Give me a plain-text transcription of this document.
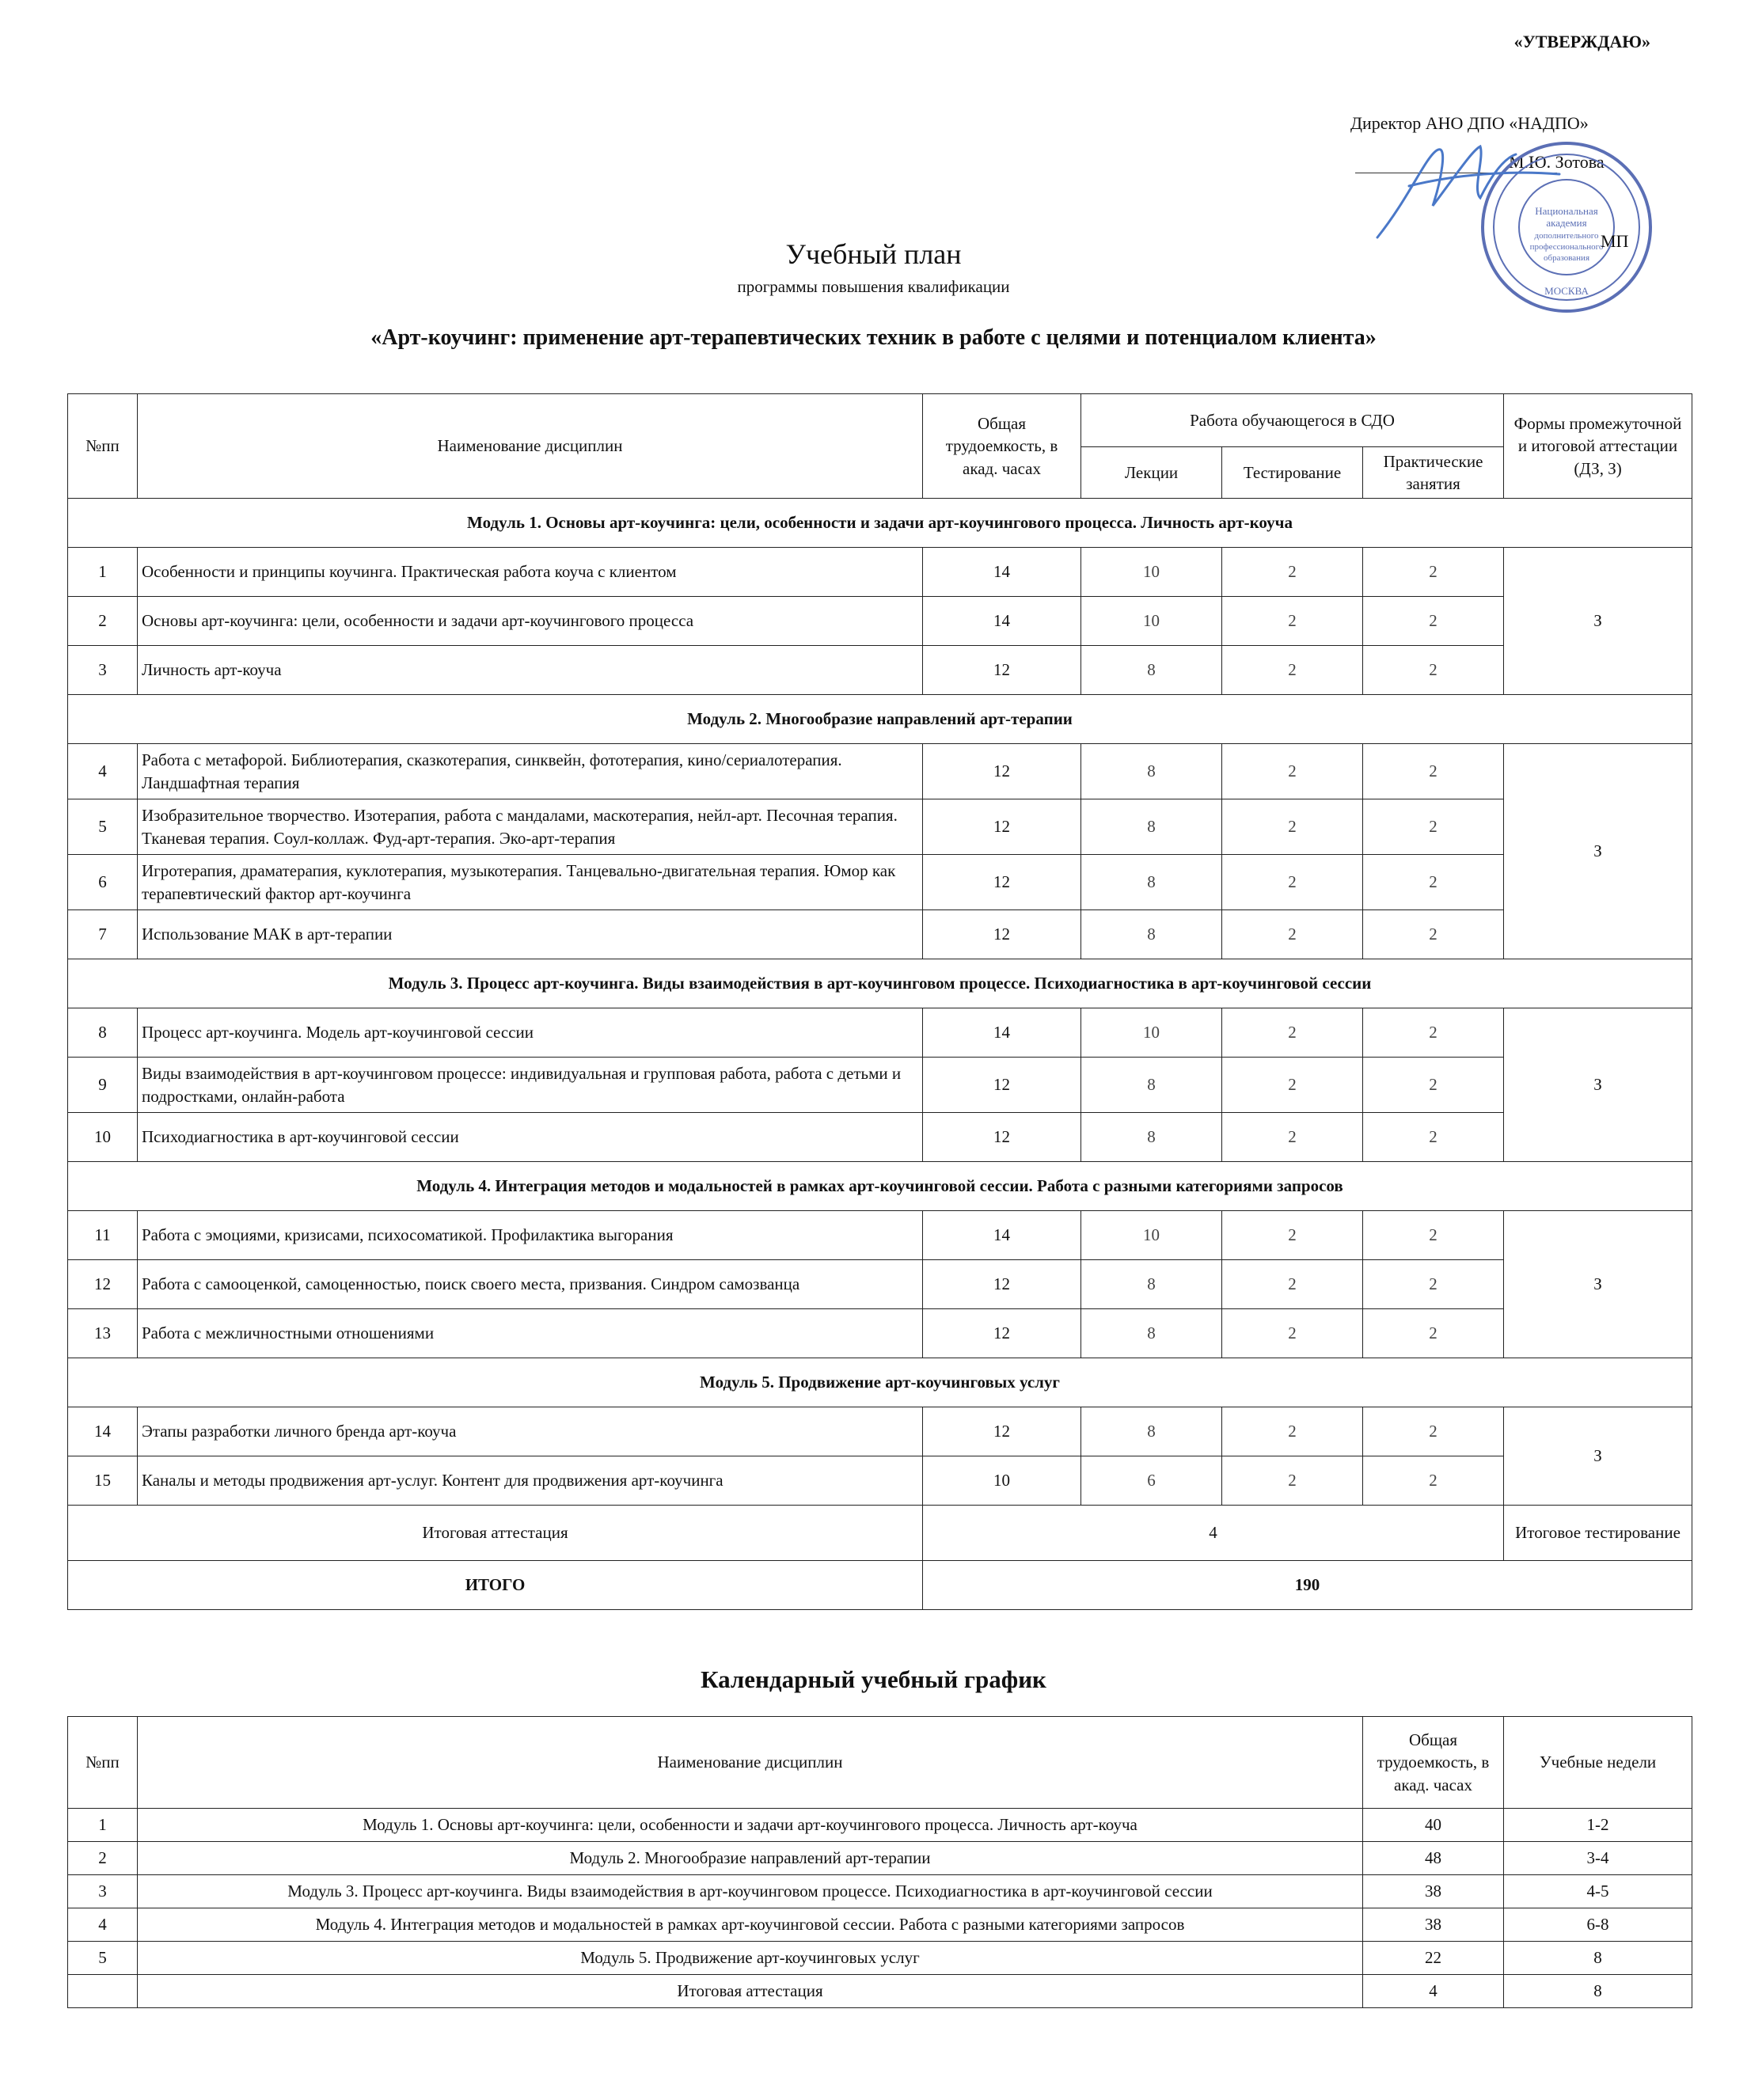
«УТВЕРЖДАЮ»
Директор АНО ДПО «НАДПО»
М.Ю. Зотова
Национальная
академия
дополнительного
профессионального
образования
МОСКВА
МП
Учебный план
программы повышения квалификации
«Арт-коучинг: применение арт-терапевтических техник в работе с целями и потенциалом клиента»
№пп	Наименование дисциплин	Общая трудоемкость, в акад. часах	Работа обучающегося в СДО			Формы промежуточной и итоговой аттестации (ДЗ, З)
			Лекции	Тестирование	Практические занятия	
Модуль 1. Основы арт-коучинга: цели, особенности и задачи арт-коучингового процесса. Личность арт-коуча						
1	Особенности и принципы коучинга. Практическая работа коуча с клиентом	14	10	2	2	З
2	Основы арт-коучинга: цели, особенности и задачи арт-коучингового процесса	14	10	2	2	
3	Личность арт-коуча	12	8	2	2	
Модуль 2. Многообразие направлений арт-терапии						
4	Работа с метафорой. Библиотерапия, сказкотерапия, синквейн, фототерапия, кино/сериалотерапия. Ландшафтная терапия	12	8	2	2	З
5	Изобразительное творчество. Изотерапия, работа с мандалами, маскотерапия, нейл-арт. Песочная терапия. Тканевая терапия. Соул-коллаж. Фуд-арт-терапия. Эко-арт-терапия	12	8	2	2	
6	Игротерапия, драматерапия, куклотерапия, музыкотерапия. Танцевально-двигательная терапия. Юмор как терапевтический фактор арт-коучинга	12	8	2	2	
7	Использование МАК в арт-терапии	12	8	2	2	
Модуль 3. Процесс арт-коучинга. Виды взаимодействия в арт-коучинговом процессе. Психодиагностика в арт-коучинговой сессии						
8	Процесс арт-коучинга. Модель арт-коучинговой сессии	14	10	2	2	З
9	Виды взаимодействия в арт-коучинговом процессе: индивидуальная и групповая работа, работа с детьми и подростками, онлайн-работа	12	8	2	2	
10	Психодиагностика в арт-коучинговой сессии	12	8	2	2	
Модуль 4. Интеграция методов и модальностей в рамках арт-коучинговой сессии. Работа с разными категориями запросов						
11	Работа с эмоциями, кризисами, психосоматикой. Профилактика выгорания	14	10	2	2	З
12	Работа с самооценкой, самоценностью, поиск своего места, призвания. Синдром самозванца	12	8	2	2	
13	Работа с межличностными отношениями	12	8	2	2	
Модуль 5. Продвижение арт-коучинговых услуг						
14	Этапы разработки личного бренда арт-коуча	12	8	2	2	З
15	Каналы и методы продвижения арт-услуг. Контент для продвижения арт-коучинга	10	6	2	2	
Итоговая аттестация		4				Итоговое тестирование
ИТОГО		190				
Календарный учебный график
№пп	Наименование дисциплин	Общая трудоемкость, в акад. часах	Учебные недели
1	Модуль 1. Основы арт-коучинга: цели, особенности и задачи арт-коучингового процесса. Личность арт-коуча	40	1-2
2	Модуль 2. Многообразие направлений арт-терапии	48	3-4
3	Модуль 3. Процесс арт-коучинга. Виды взаимодействия в арт-коучинговом процессе. Психодиагностика в арт-коучинговой сессии	38	4-5
4	Модуль 4. Интеграция методов и модальностей в рамках арт-коучинговой сессии. Работа с разными категориями запросов	38	6-8
5	Модуль 5. Продвижение арт-коучинговых услуг	22	8
	Итоговая аттестация	4	8
